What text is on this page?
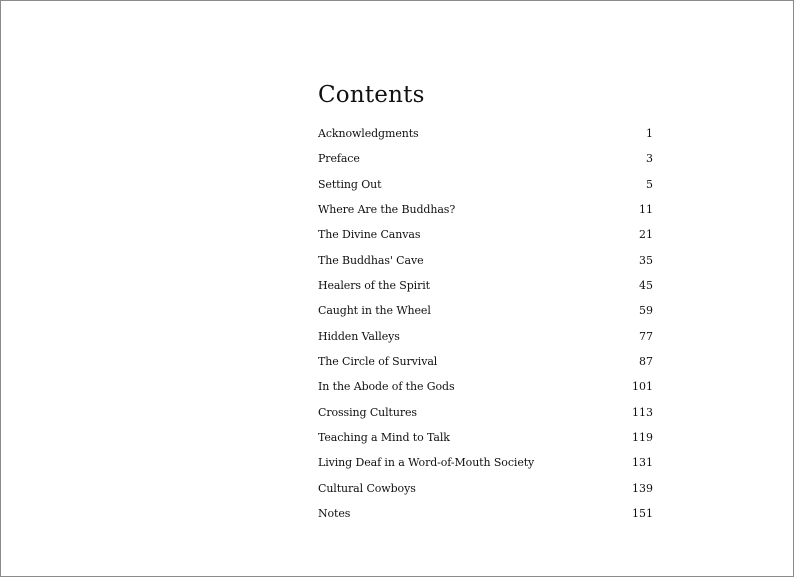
Contents
Acknowledgments	1
Preface	3
Setting Out	5
Where Are the Buddhas?	11
The Divine Canvas	21
The Buddhas' Cave	35
Healers of the Spirit	45
Caught in the Wheel	59
Hidden Valleys	77
The Circle of Survival	87
In the Abode of the Gods	101
Crossing Cultures	113
Teaching a Mind to Talk	119
Living Deaf in a Word-of-Mouth Society	131
Cultural Cowboys	139
Notes	151
